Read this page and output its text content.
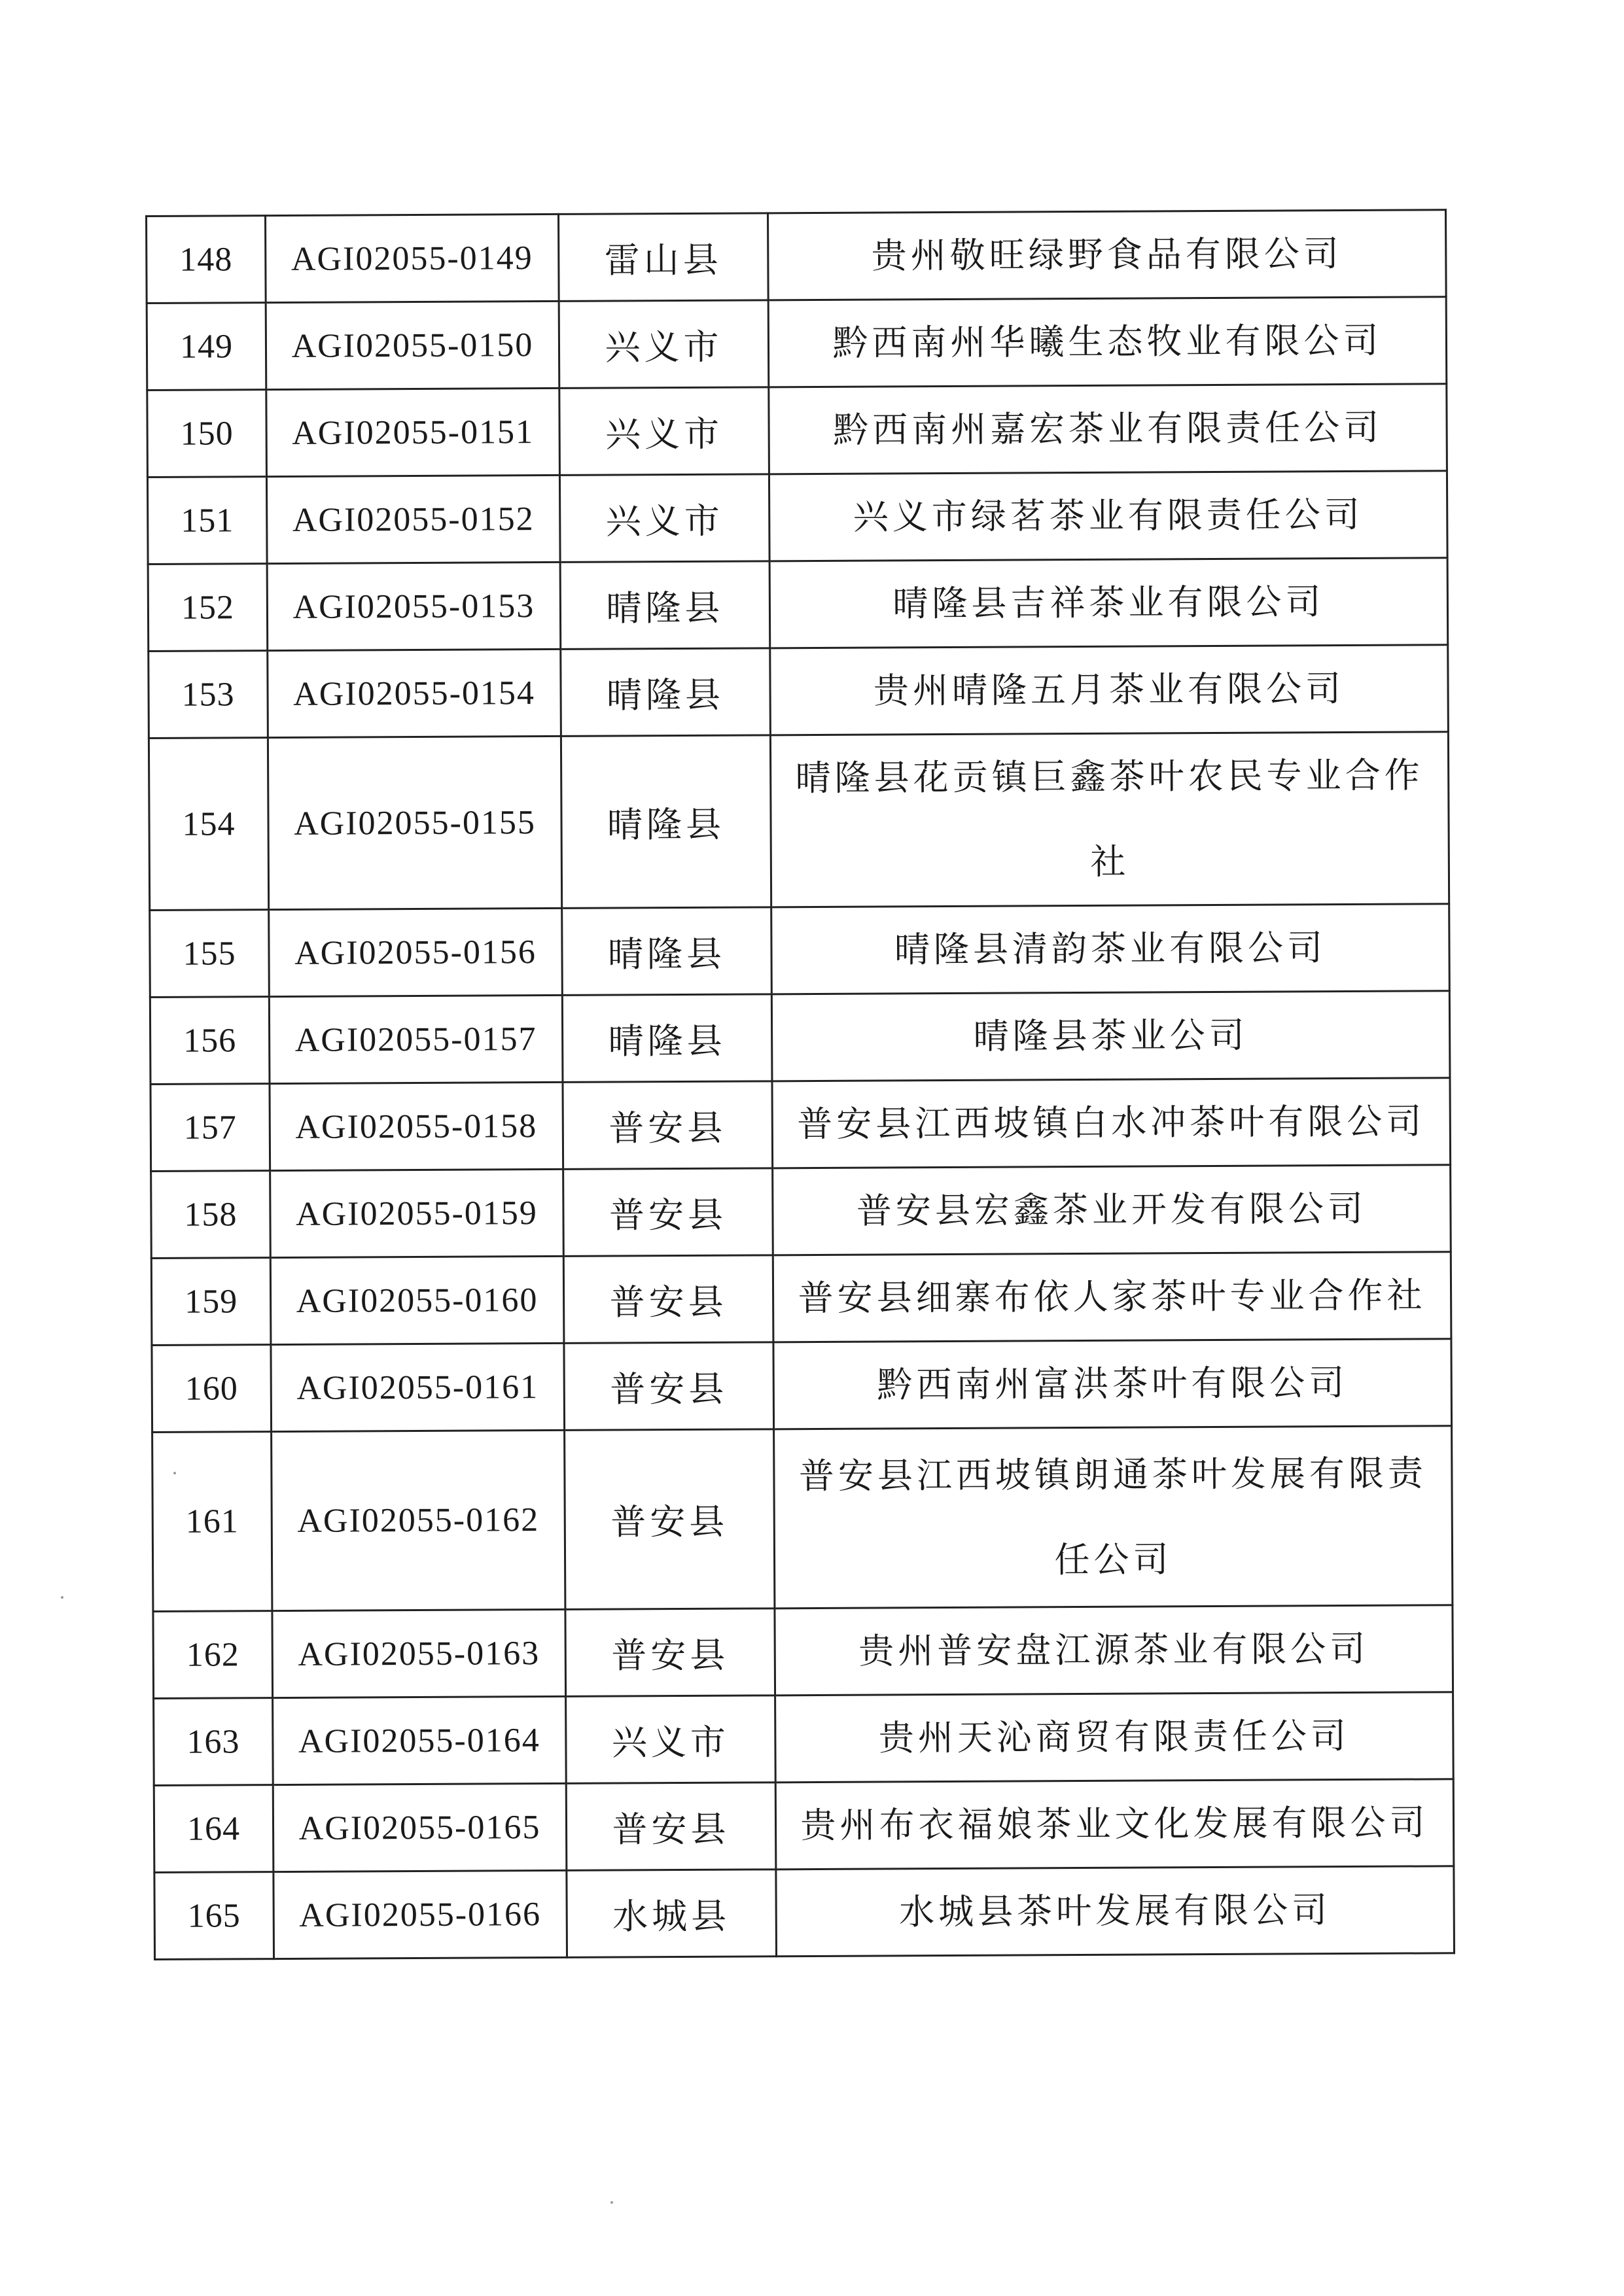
148	AGI02055-0149	雷山县	贵州敬旺绿野食品有限公司
149	AGI02055-0150	兴义市	黔西南州华曦生态牧业有限公司
150	AGI02055-0151	兴义市	黔西南州嘉宏茶业有限责任公司
151	AGI02055-0152	兴义市	兴义市绿茗茶业有限责任公司
152	AGI02055-0153	晴隆县	晴隆县吉祥茶业有限公司
153	AGI02055-0154	晴隆县	贵州晴隆五月茶业有限公司
154	AGI02055-0155	晴隆县	晴隆县花贡镇巨鑫茶叶农民专业合作社
155	AGI02055-0156	晴隆县	晴隆县清韵茶业有限公司
156	AGI02055-0157	晴隆县	晴隆县茶业公司
157	AGI02055-0158	普安县	普安县江西坡镇白水冲茶叶有限公司
158	AGI02055-0159	普安县	普安县宏鑫茶业开发有限公司
159	AGI02055-0160	普安县	普安县细寨布依人家茶叶专业合作社
160	AGI02055-0161	普安县	黔西南州富洪茶叶有限公司
161	AGI02055-0162	普安县	普安县江西坡镇朗通茶叶发展有限责任公司
162	AGI02055-0163	普安县	贵州普安盘江源茶业有限公司
163	AGI02055-0164	兴义市	贵州天沁商贸有限责任公司
164	AGI02055-0165	普安县	贵州布衣福娘茶业文化发展有限公司
165	AGI02055-0166	水城县	水城县茶叶发展有限公司
